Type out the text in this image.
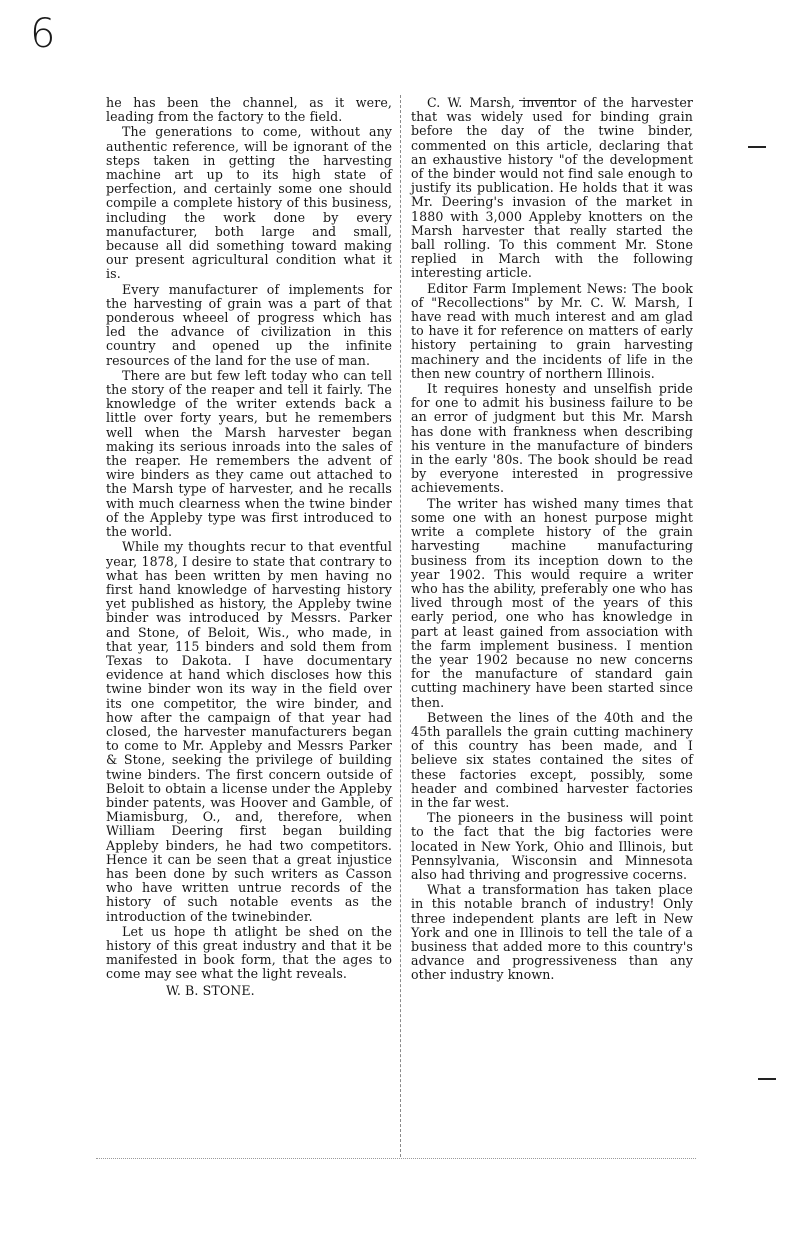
6

he has been the channel, as it were, leading from the factory to the field.

The generations to come, without any authentic reference, will be ignorant of the steps taken in getting the harvesting machine art up to its high state of perfection, and certainly some one should compile a complete history of this business, including the work done by every manufacturer, both large and small, because all did something toward making our present agricultural condition what it is.

Every manufacturer of implements for the harvesting of grain was a part of that ponderous wheeel of progress which has led the advance of civilization in this country and opened up the infinite resources of the land for the use of man.

There are but few left today who can tell the story of the reaper and tell it fairly. The knowledge of the writer extends back a little over forty years, but he remembers well when the Marsh harvester began making its serious inroads into the sales of the reaper. He remembers the advent of wire binders as they came out attached to the Marsh type of harvester, and he recalls with much clearness when the twine binder of the Appleby type was first introduced to the world.

While my thoughts recur to that eventful year, 1878, I desire to state that contrary to what has been written by men having no first hand knowledge of harvesting history yet published as history, the Appleby twine binder was introduced by Messrs. Parker and Stone, of Beloit, Wis., who made, in that year, 115 binders and sold them from Texas to Dakota. I have documentary evidence at hand which discloses how this twine binder won its way in the field over its one competitor, the wire binder, and how after the campaign of that year had closed, the harvester manufacturers began to come to Mr. Appleby and Messrs Parker & Stone, seeking the privilege of building twine binders. The first concern outside of Beloit to obtain a license under the Appleby binder patents, was Hoover and Gamble, of Miamisburg, O., and, therefore, when William Deering first began building Appleby binders, he had two competitors. Hence it can be seen that a great injustice has been done by such writers as Casson who have written untrue records of the history of such notable events as the introduction of the twinebinder.

Let us hope th atlight be shed on the history of this great industry and that it be manifested in book form, that the ages to come may see what the light reveals.

W. B. STONE.

C. W. Marsh, inventor of the harvester that was widely used for binding grain before the day of the twine binder, commented on this article, declaring that an exhaustive history "of the development of the binder would not find sale enough to justify its publication. He holds that it was Mr. Deering's invasion of the market in 1880 with 3,000 Appleby knotters on the Marsh harvester that really started the ball rolling. To this comment Mr. Stone replied in March with the following interesting article.

Editor Farm Implement News: The book of "Recollections" by Mr. C. W. Marsh, I have read with much interest and am glad to have it for reference on matters of early history pertaining to grain harvesting machinery and the incidents of life in the then new country of northern Illinois.

It requires honesty and unselfish pride for one to admit his business failure to be an error of judgment but this Mr. Marsh has done with frankness when describing his venture in the manufacture of binders in the early '80s. The book should be read by everyone interested in progressive achievements.

The writer has wished many times that some one with an honest purpose might write a complete history of the grain harvesting machine manufacturing business from its inception down to the year 1902. This would require a writer who has the ability, preferably one who has lived through most of the years of this early period, one who has knowledge in part at least gained from association with the farm implement business. I mention the year 1902 because no new concerns for the manufacture of standard gain cutting machinery have been started since then.

Between the lines of the 40th and the 45th parallels the grain cutting machinery of this country has been made, and I believe six states contained the sites of these factories except, possibly, some header and combined harvester factories in the far west.

The pioneers in the business will point to the fact that the big factories were located in New York, Ohio and Illinois, but Pennsylvania, Wisconsin and Minnesota also had thriving and progressive cocerns.

What a transformation has taken place in this notable branch of industry! Only three independent plants are left in New York and one in Illinois to tell the tale of a business that added more to this country's advance and progressiveness than any other industry known.
